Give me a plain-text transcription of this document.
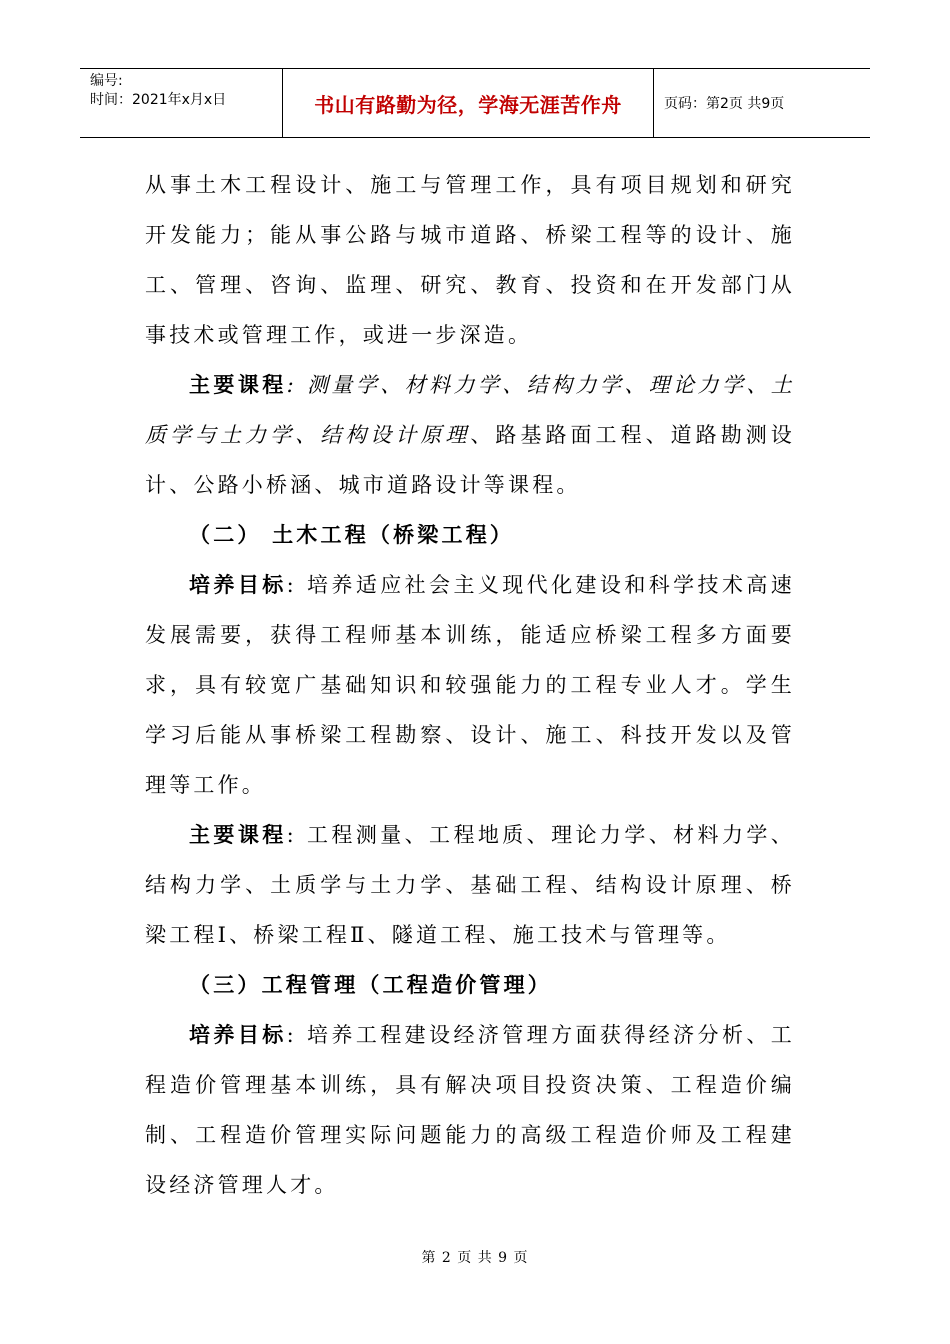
编号:
时间：2021年x月x日	书山有路勤为径，学海无涯苦作舟	页码：第2页 共9页

从事土木工程设计、施工与管理工作，具有项目规划和研究开发能力；能从事公路与城市道路、桥梁工程等的设计、施工、管理、咨询、监理、研究、教育、投资和在开发部门从事技术或管理工作，或进一步深造。

主要课程: 测量学、材料力学、结构力学、理论力学、土质学与土力学、结构设计原理、路基路面工程、道路勘测设计、公路小桥涵、城市道路设计等课程。

（二） 土木工程（桥梁工程）

培养目标: 培养适应社会主义现代化建设和科学技术高速发展需要，获得工程师基本训练，能适应桥梁工程多方面要求，具有较宽广基础知识和较强能力的工程专业人才。学生学习后能从事桥梁工程勘察、设计、施工、科技开发以及管理等工作。

主要课程: 工程测量、工程地质、理论力学、材料力学、结构力学、土质学与土力学、基础工程、结构设计原理、桥梁工程Ⅰ、桥梁工程Ⅱ、隧道工程、施工技术与管理等。

（三）工程管理（工程造价管理）

培养目标: 培养工程建设经济管理方面获得经济分析、工程造价管理基本训练，具有解决项目投资决策、工程造价编制、工程造价管理实际问题能力的高级工程造价师及工程建设经济管理人才。

第 2 页 共 9 页
